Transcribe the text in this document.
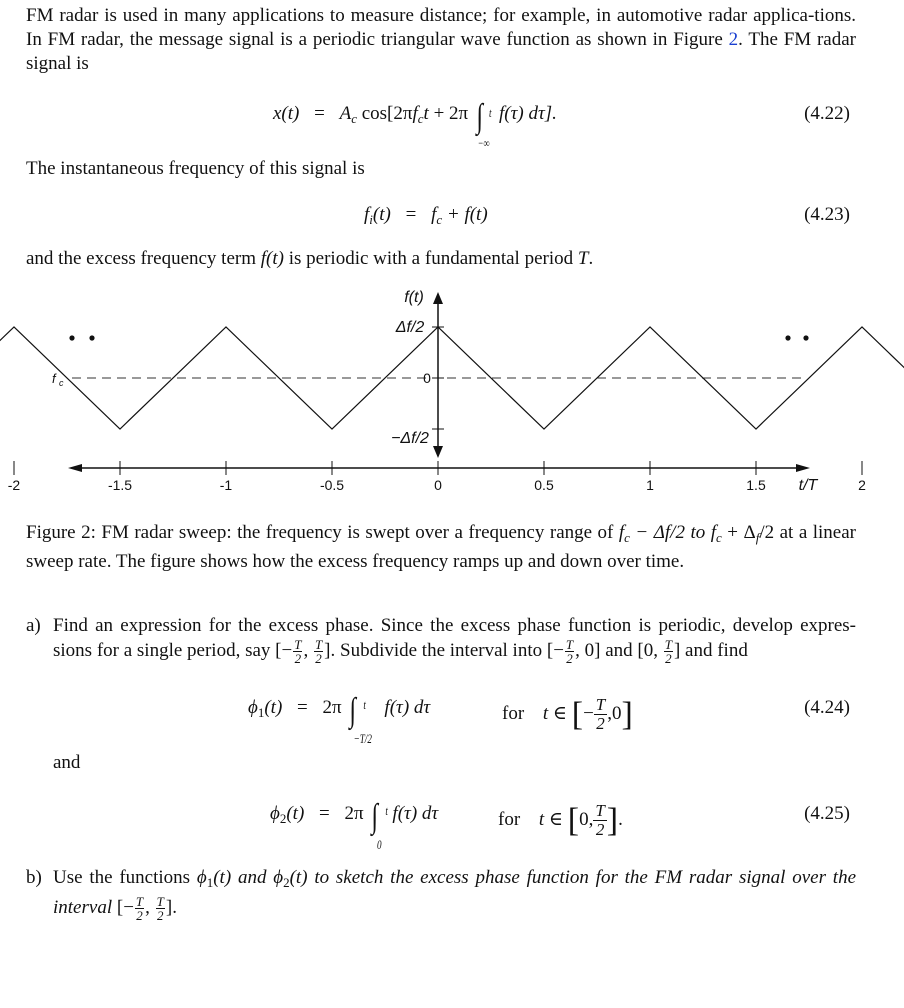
FM radar is used in many applications to measure distance; for example, in automotive radar applica-tions. In FM radar, the message signal is a periodic triangular wave function as shown in Figure 2. The FM radar signal is

$x(t) = A_c$ $\cos[2\pi f_ct + 2\pi$ ∫ t
−∞
f(τ) dτ].	(4.22)

The instantaneous frequency of this signal is

$f_i(t) = f_c + f(t)$	(4.23)

and the excess frequency term f(t) is periodic with a fundamental period T.

f c
−Δf/2
0
Δf/2
f(t)
-2	-1.5	-1	-0.5	0	0.5	1	1.5	2
t/T

Figure 2: FM radar sweep: the frequency is swept over a frequency range of $f_c - \Delta f/2$ to $f_c + \Delta_f/2$ at a linear sweep rate. The figure shows how the excess frequency ramps up and down over time.

a) Find an expression for the excess phase. Since the excess phase function is periodic, develop expres-sions for a single period, say [− $\frac{T}{2}$ , $\frac{T}{2}$ ]. Subdivide the interval into [− $\frac{T}{2}$ , 0] and [0, $\frac{T}{2}$ ] and find
$\phi_1(t) = 2\pi$ ∫ t
−T/2
f(τ) dτ	for t ∈ [− $\frac{T}{2} ,0$]	(4.24)
and
$\phi_2(t) = 2\pi$ ∫ t
0
f(τ) dτ	for t ∈ [0, $\frac{T}{2}$ ].	(4.25)
b) Use the functions $\phi_1(t)$ and $\phi_2(t)$ to sketch the excess phase function for the FM radar signal over the interval [− $\frac{T}{2}$ , $\frac{T}{2}$ ].
